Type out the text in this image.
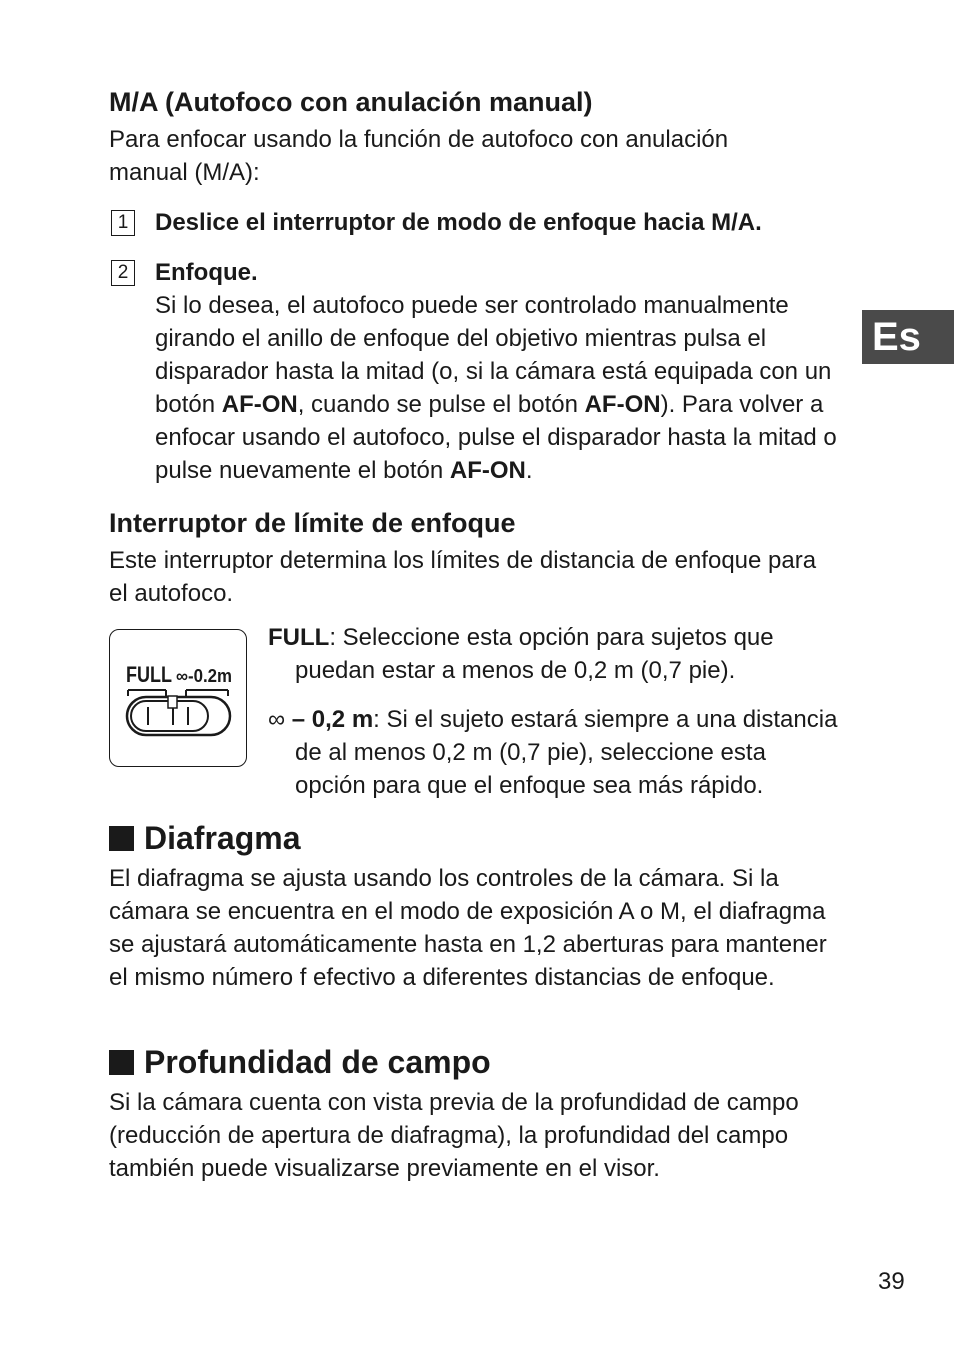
M/A (Autofoco con anulación manual)

Para enfocar usando la función de autofoco con anulación manual (M/A):

1 Deslice el interruptor de modo de enfoque hacia M/A.
2 Enfoque.
Si lo desea, el autofoco puede ser controlado manualmente girando el anillo de enfoque del objetivo mientras pulsa el disparador hasta la mitad (o, si la cámara está equipada con un botón AF-ON, cuando se pulse el botón AF-ON). Para volver a enfocar usando el autofoco, pulse el disparador hasta la mitad o pulse nuevamente el botón AF-ON.
Es
Interruptor de límite de enfoque

Este interruptor determina los límites de distancia de enfoque para el autofoco.

FULL ∞-0.2m
FULL: Seleccione esta opción para sujetos que
puedan estar a menos de 0,2 m (0,7 pie).
∞ – 0,2 m: Si el sujeto estará siempre a una distancia
de al menos 0,2 m (0,7 pie), seleccione esta opción para que el enfoque sea más rápido.
Diafragma

El diafragma se ajusta usando los controles de la cámara. Si la cámara se encuentra en el modo de exposición A o M, el diafragma se ajustará automáticamente hasta en 1,2 aberturas para mantener el mismo número f efectivo a diferentes distancias de enfoque.

Profundidad de campo

Si la cámara cuenta con vista previa de la profundidad de campo (reducción de apertura de diafragma), la profundidad del campo también puede visualizarse previamente en el visor.

39
